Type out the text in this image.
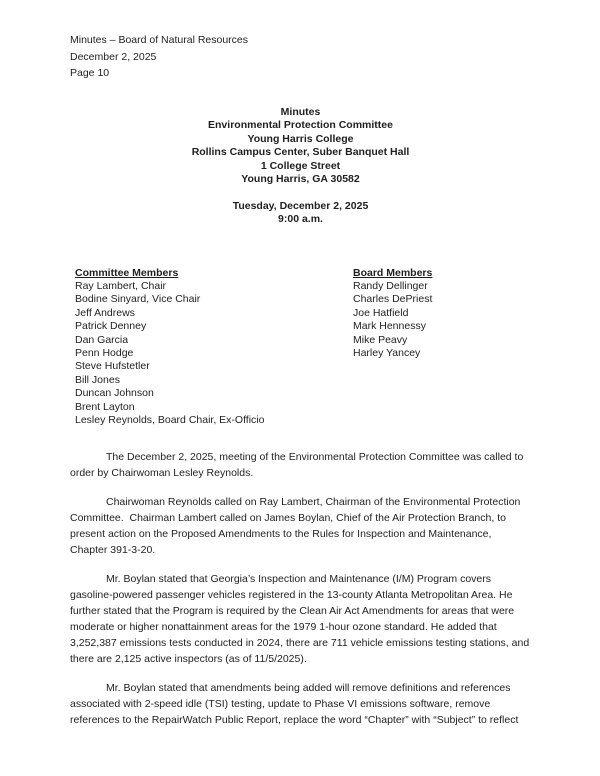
Minutes – Board of Natural Resources
December 2, 2025
Page 10
Minutes
Environmental Protection Committee
Young Harris College
Rollins Campus Center, Suber Banquet Hall
1 College Street
Young Harris, GA 30582
Tuesday, December 2, 2025
9:00 a.m.
Committee Members
Ray Lambert, Chair
Bodine Sinyard, Vice Chair
Jeff Andrews
Patrick Denney
Dan Garcia
Penn Hodge
Steve Hufstetler
Bill Jones
Duncan Johnson
Brent Layton
Lesley Reynolds, Board Chair, Ex-Officio
Board Members
Randy Dellinger
Charles DePriest
Joe Hatfield
Mark Hennessy
Mike Peavy
Harley Yancey
The December 2, 2025, meeting of the Environmental Protection Committee was called to order by Chairwoman Lesley Reynolds.
Chairwoman Reynolds called on Ray Lambert, Chairman of the Environmental Protection Committee.  Chairman Lambert called on James Boylan, Chief of the Air Protection Branch, to present action on the Proposed Amendments to the Rules for Inspection and Maintenance, Chapter 391-3-20.
Mr. Boylan stated that Georgia’s Inspection and Maintenance (I/M) Program covers gasoline-powered passenger vehicles registered in the 13-county Atlanta Metropolitan Area. He further stated that the Program is required by the Clean Air Act Amendments for areas that were moderate or higher nonattainment areas for the 1979 1-hour ozone standard. He added that 3,252,387 emissions tests conducted in 2024, there are 711 vehicle emissions testing stations, and there are 2,125 active inspectors (as of 11/5/2025).
Mr. Boylan stated that amendments being added will remove definitions and references associated with 2-speed idle (TSI) testing, update to Phase VI emissions software, remove references to the RepairWatch Public Report, replace the word “Chapter” with “Subject” to reflect
